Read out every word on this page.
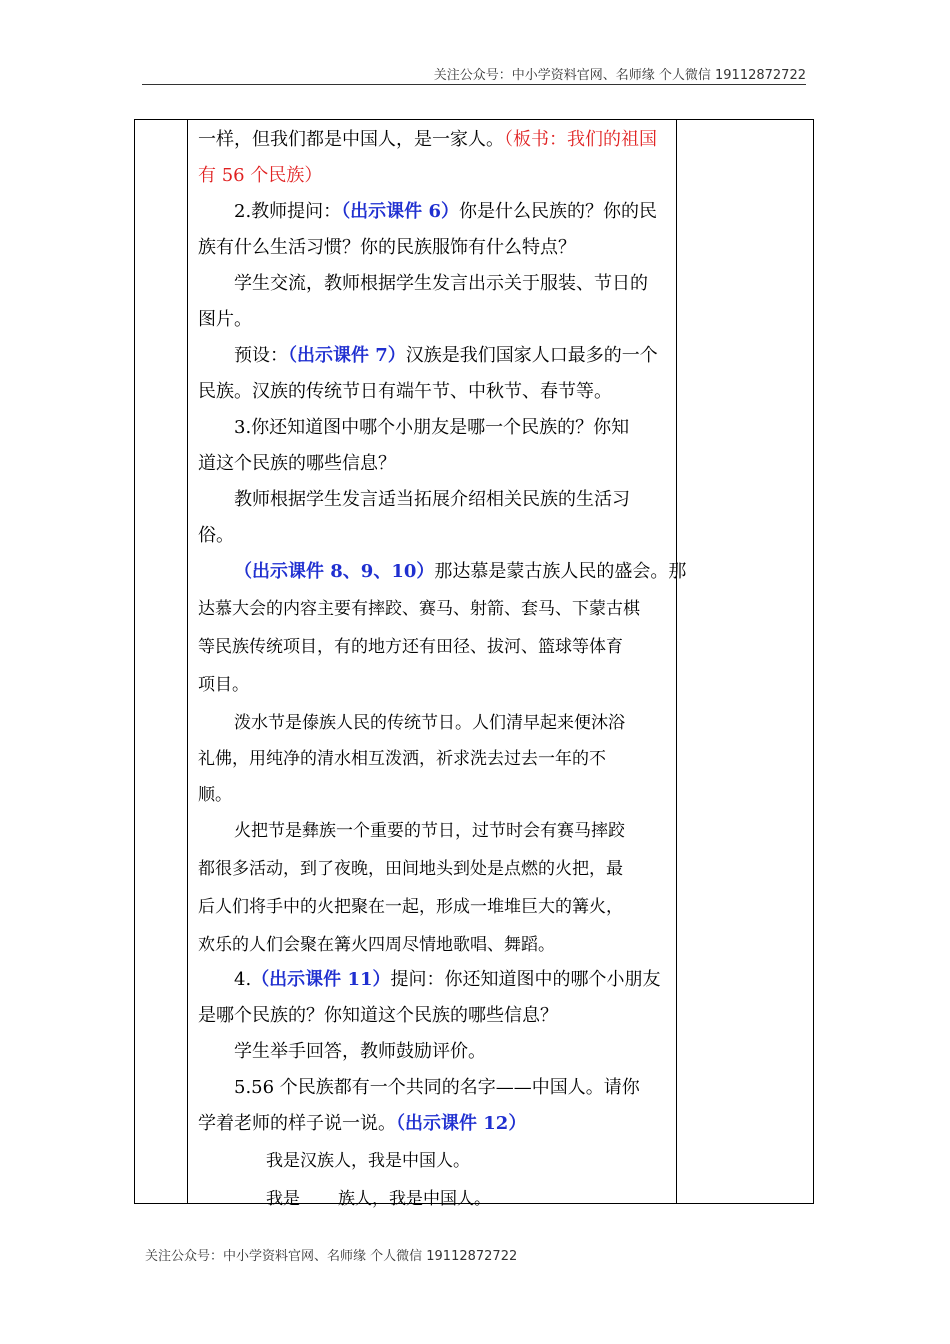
关注公众号：中小学资料官网、名师缘 个人微信 19112872722
一样，但我们都是中国人，是一家人。（板书：我们的祖国
有 56 个民族）
2.教师提问：（出示课件 6）你是什么民族的？你的民
族有什么生活习惯？你的民族服饰有什么特点？
学生交流，教师根据学生发言出示关于服装、节日的
图片。
预设：（出示课件 7）汉族是我们国家人口最多的一个
民族。汉族的传统节日有端午节、中秋节、春节等。
3.你还知道图中哪个小朋友是哪一个民族的？你知
道这个民族的哪些信息？
教师根据学生发言适当拓展介绍相关民族的生活习
俗。
（出示课件 8、9、10）那达慕是蒙古族人民的盛会。那
达慕大会的内容主要有摔跤、赛马、射箭、套马、下蒙古棋
等民族传统项目，有的地方还有田径、拔河、篮球等体育
项目。
泼水节是傣族人民的传统节日。人们清早起来便沐浴
礼佛，用纯净的清水相互泼洒，祈求洗去过去一年的不
顺。
火把节是彝族一个重要的节日，过节时会有赛马摔跤
都很多活动，到了夜晚，田间地头到处是点燃的火把，最
后人们将手中的火把聚在一起，形成一堆堆巨大的篝火，
欢乐的人们会聚在篝火四周尽情地歌唱、舞蹈。
4.（出示课件 11）提问：你还知道图中的哪个小朋友
是哪个民族的？你知道这个民族的哪些信息？
学生举手回答，教师鼓励评价。
5.56 个民族都有一个共同的名字——中国人。请你
学着老师的样子说一说。（出示课件 12）
我是汉族人，我是中国人。
我是 族人，我是中国人。
关注公众号：中小学资料官网、名师缘 个人微信 19112872722
